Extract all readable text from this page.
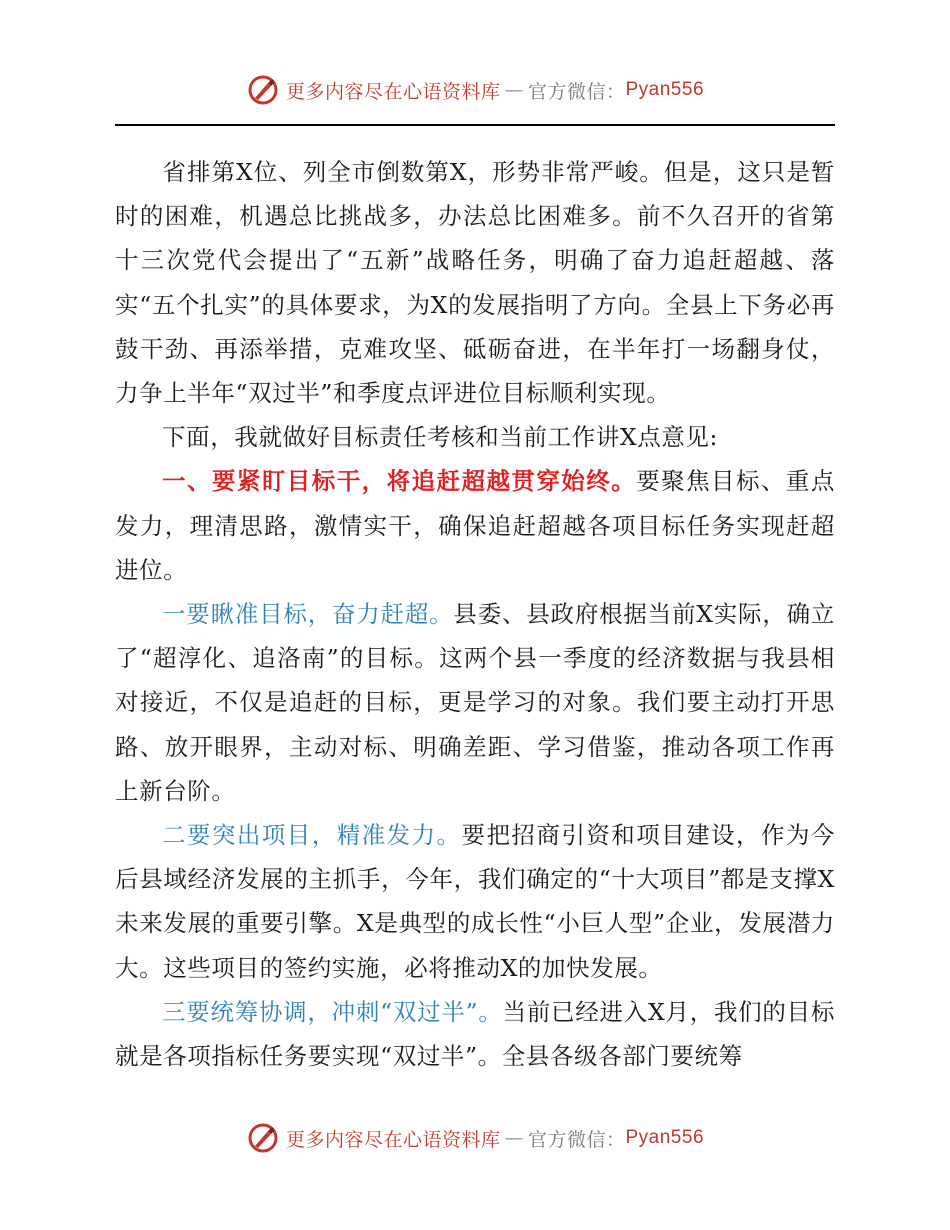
更多内容尽在心语资料库 — 官方微信： Pyan556

省排第X位、列全市倒数第X，形势非常严峻。但是，这只是暂时的困难，机遇总比挑战多，办法总比困难多。前不久召开的省第十三次党代会提出了“五新”战略任务，明确了奋力追赶超越、落实“五个扎实”的具体要求，为X的发展指明了方向。全县上下务必再鼓干劲、再添举措，克难攻坚、砥砺奋进，在半年打一场翻身仗，力争上半年“双过半”和季度点评进位目标顺利实现。

下面，我就做好目标责任考核和当前工作讲X点意见:

一、要紧盯目标干，将追赶超越贯穿始终。要聚焦目标、重点发力，理清思路，激情实干，确保追赶超越各项目标任务实现赶超进位。

一要瞅准目标，奋力赶超。县委、县政府根据当前X实际，确立了“超淳化、追洛南”的目标。这两个县一季度的经济数据与我县相对接近，不仅是追赶的目标，更是学习的对象。我们要主动打开思路、放开眼界，主动对标、明确差距、学习借鉴，推动各项工作再上新台阶。

二要突出项目，精准发力。要把招商引资和项目建设，作为今后县域经济发展的主抓手，今年，我们确定的“十大项目”都是支撑X未来发展的重要引擎。X是典型的成长性“小巨人型”企业，发展潜力大。这些项目的签约实施，必将推动X的加快发展。

三要统筹协调，冲刺“双过半”。当前已经进入X月，我们的目标就是各项指标任务要实现“双过半”。全县各级各部门要统筹

更多内容尽在心语资料库 — 官方微信： Pyan556
